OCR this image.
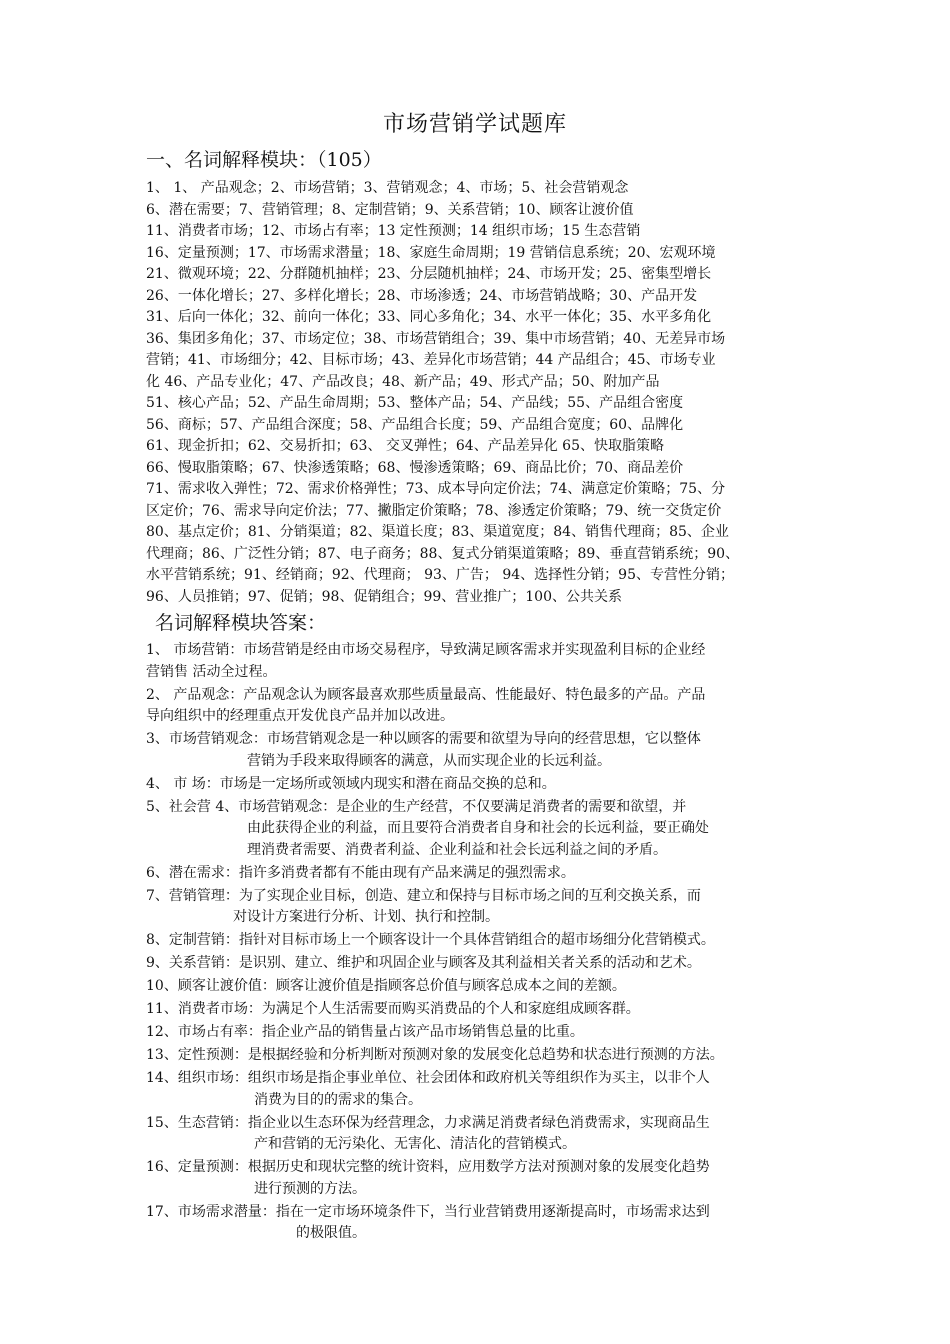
市场营销学试题库
一、名词解释模块：（105）
1、 1、 产品观念；2、市场营销；3、营销观念；4、市场；5、社会营销观念
6、潜在需要；7、营销管理；8、定制营销；9、关系营销；10、顾客让渡价值
11、消费者市场；12、市场占有率；13 定性预测；14 组织市场；15 生态营销
16、定量预测；17、市场需求潜量；18、家庭生命周期；19 营销信息系统；20、宏观环境
21、微观环境；22、分群随机抽样；23、分层随机抽样；24、市场开发；25、密集型增长
26、一体化增长；27、多样化增长；28、市场渗透；24、市场营销战略；30、产品开发
31、后向一体化；32、前向一体化；33、同心多角化；34、水平一体化；35、水平多角化
36、集团多角化；37、市场定位；38、市场营销组合；39、集中市场营销；40、无差异市场
营销；41、市场细分；42、目标市场；43、差异化市场营销；44 产品组合；45、市场专业
化 46、产品专业化；47、产品改良；48、新产品；49、形式产品；50、附加产品
51、核心产品；52、产品生命周期；53、整体产品；54、产品线；55、产品组合密度
56、商标；57、产品组合深度；58、产品组合长度；59、产品组合宽度；60、品牌化
61、现金折扣；62、交易折扣；63、 交叉弹性；64、产品差异化 65、快取脂策略
66、慢取脂策略；67、快渗透策略；68、慢渗透策略；69、商品比价；70、商品差价
71、需求收入弹性；72、需求价格弹性；73、成本导向定价法；74、满意定价策略；75、分
区定价；76、需求导向定价法；77、撇脂定价策略；78、渗透定价策略；79、统一交货定价
80、基点定价；81、分销渠道；82、渠道长度；83、渠道宽度；84、销售代理商；85、企业
代理商；86、广泛性分销；87、电子商务；88、复式分销渠道策略；89、垂直营销系统；90、
水平营销系统；91、经销商；92、代理商； 93、广告； 94、选择性分销；95、专营性分销；
96、人员推销；97、促销；98、促销组合；99、营业推广；100、公共关系
名词解释模块答案：
1、 市场营销：市场营销是经由市场交易程序，导致满足顾客需求并实现盈利目标的企业经
营销售 活动全过程。
2、 产品观念：产品观念认为顾客最喜欢那些质量最高、性能最好、特色最多的产品。产品
导向组织中的经理重点开发优良产品并加以改进。
3、市场营销观念：市场营销观念是一种以顾客的需要和欲望为导向的经营思想，它以整体
营销为手段来取得顾客的满意，从而实现企业的长远利益。
4、 市 场：市场是一定场所或领域内现实和潜在商品交换的总和。
5、社会营 4、市场营销观念：是企业的生产经营，不仅要满足消费者的需要和欲望，并
由此获得企业的利益，而且要符合消费者自身和社会的长远利益，要正确处
理消费者需要、消费者利益、企业利益和社会长远利益之间的矛盾。
6、潜在需求：指许多消费者都有不能由现有产品来满足的强烈需求。
7、营销管理：为了实现企业目标，创造、建立和保持与目标市场之间的互利交换关系，而
对设计方案进行分析、计划、执行和控制。
8、定制营销：指针对目标市场上一个顾客设计一个具体营销组合的超市场细分化营销模式。
9、关系营销：是识别、建立、维护和巩固企业与顾客及其利益相关者关系的活动和艺术。
10、顾客让渡价值：顾客让渡价值是指顾客总价值与顾客总成本之间的差额。
11、消费者市场：为满足个人生活需要而购买消费品的个人和家庭组成顾客群。
12、市场占有率：指企业产品的销售量占该产品市场销售总量的比重。
13、定性预测：是根据经验和分析判断对预测对象的发展变化总趋势和状态进行预测的方法。
14、组织市场：组织市场是指企事业单位、社会团体和政府机关等组织作为买主，以非个人
消费为目的的需求的集合。
15、生态营销：指企业以生态环保为经营理念，力求满足消费者绿色消费需求，实现商品生
产和营销的无污染化、无害化、清洁化的营销模式。
16、定量预测：根据历史和现状完整的统计资料，应用数学方法对预测对象的发展变化趋势
进行预测的方法。
17、市场需求潜量：指在一定市场环境条件下，当行业营销费用逐渐提高时，市场需求达到
的极限值。
